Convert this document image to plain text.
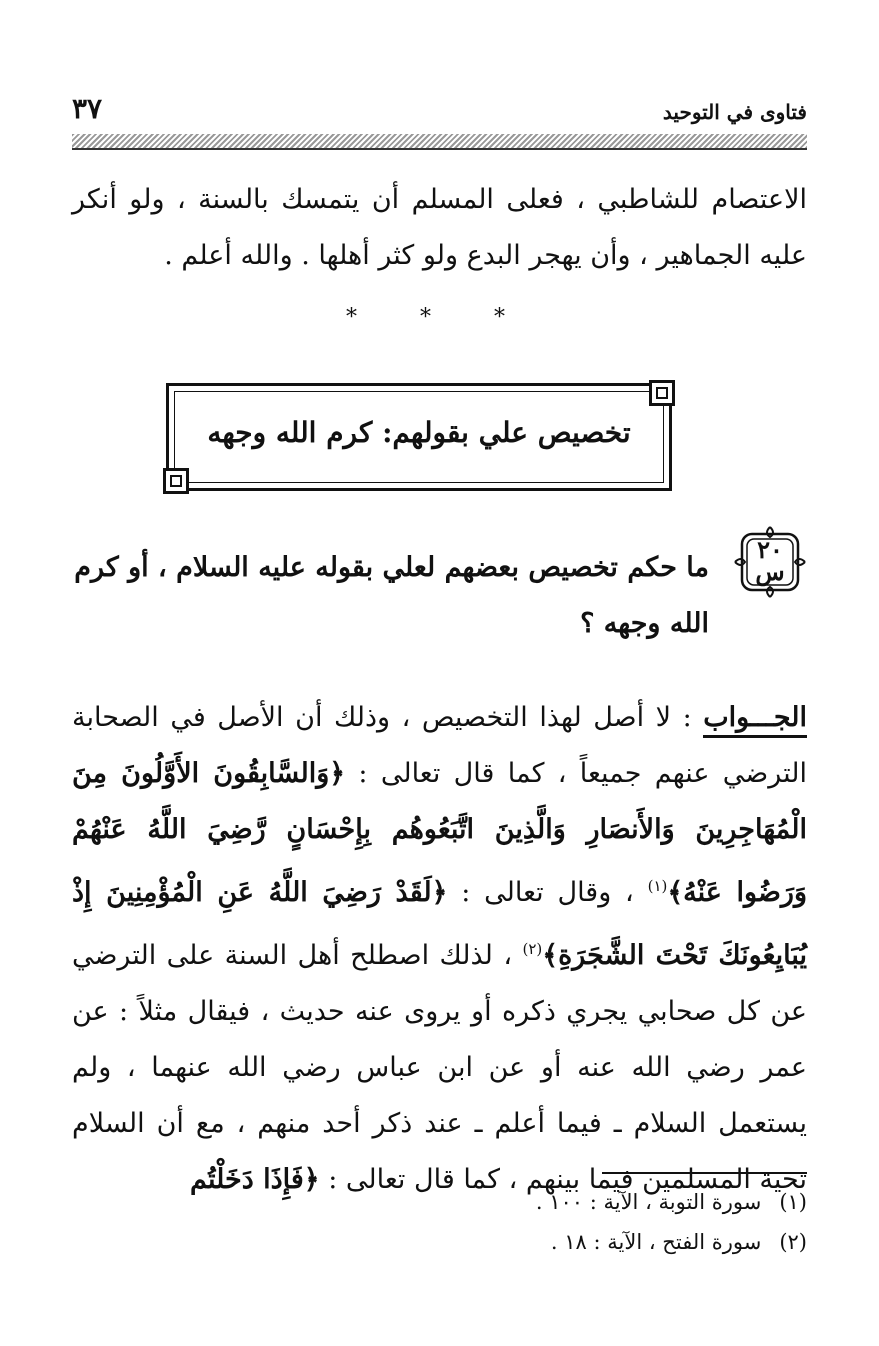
فتاوى في التوحيد
٣٧
الاعتصام للشاطبي ، فعلى المسلم أن يتمسك بالسنة ، ولو أنكر عليه الجماهير ، وأن يهجر البدع ولو كثر أهلها . والله أعلم .
* * *
تخصيص علي بقولهم: كرم الله وجهه
٢٠
س
ما حكم تخصيص بعضهم لعلي بقوله عليه السلام ، أو كرم الله وجهه ؟
الجـــواب : لا أصل لهذا التخصيص ، وذلك أن الأصل في الصحابة الترضي عنهم جميعاً ، كما قال تعالى : ﴿وَالسَّابِقُونَ الأَوَّلُونَ مِنَ الْمُهَاجِرِينَ وَالأَنصَارِ وَالَّذِينَ اتَّبَعُوهُم بِإِحْسَانٍ رَّضِيَ اللَّهُ عَنْهُمْ وَرَضُوا عَنْهُ﴾$^{(١)}$ ، وقال تعالى : ﴿لَقَدْ رَضِيَ اللَّهُ عَنِ الْمُؤْمِنِينَ إِذْ يُبَايِعُونَكَ تَحْتَ الشَّجَرَةِ﴾$^{(٢)}$ ، لذلك اصطلح أهل السنة على الترضي عن كل صحابي يجري ذكره أو يروى عنه حديث ، فيقال مثلاً : عن عمر رضي الله عنه أو عن ابن عباس رضي الله عنهما ، ولم يستعمل السلام ـ فيما أعلم ـ عند ذكر أحد منهم ، مع أن السلام تحية المسلمين فيما بينهم ، كما قال تعالى : ﴿فَإِذَا دَخَلْتُم
(١)سورة التوبة ، الآية : ١٠٠ .
(٢)سورة الفتح ، الآية : ١٨ .
